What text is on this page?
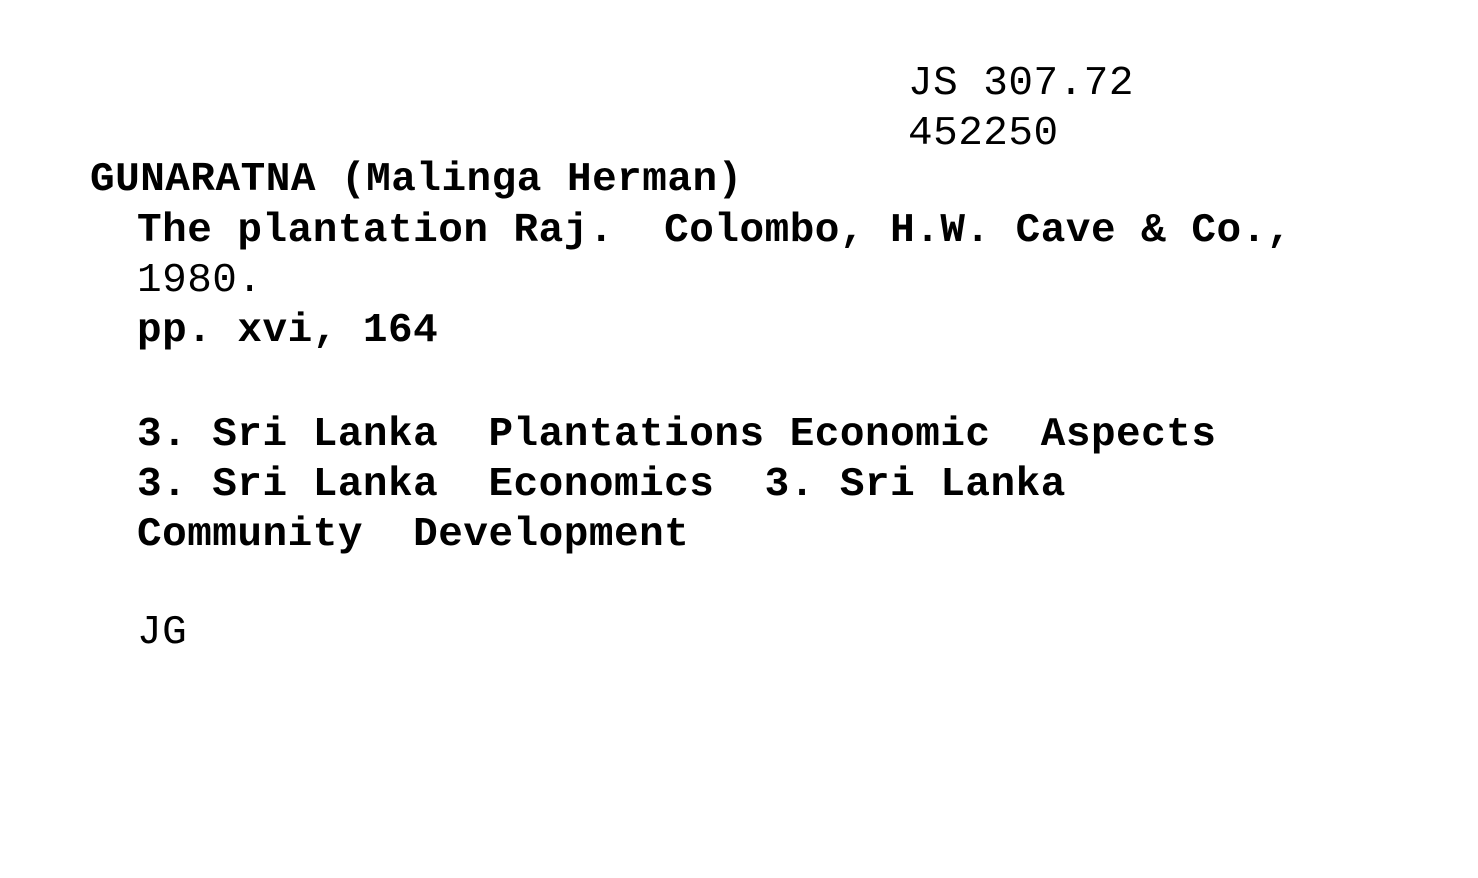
JS 307.72
452250
GUNARATNA (Malinga Herman)
The plantation Raj.  Colombo, H.W. Cave & Co.,
1980.
pp. xvi, 164
3. Sri Lanka  Plantations Economic  Aspects
3. Sri Lanka  Economics  3. Sri Lanka
Community  Development
JG
